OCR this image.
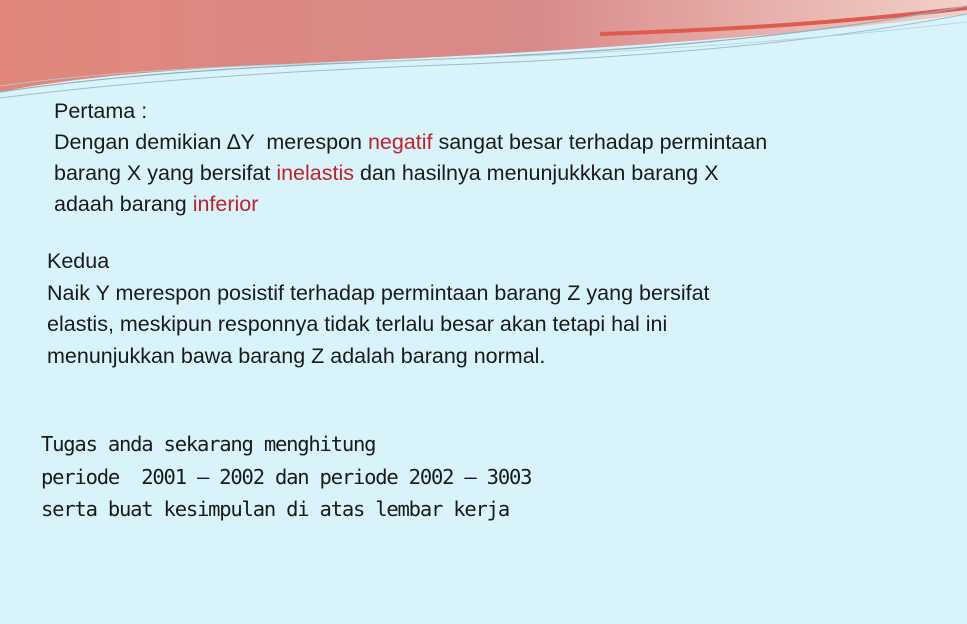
Pertama :
Dengan demikian ∆Y  merespon negatif sangat besar terhadap permintaan
barang X yang bersifat inelastis dan hasilnya menunjukkkan barang X
adaah barang inferior
Kedua
Naik Y merespon posistif terhadap permintaan barang Z yang bersifat
elastis, meskipun responnya tidak terlalu besar akan tetapi hal ini
menunjukkan bawa barang Z adalah barang normal.
Tugas anda sekarang menghitung
periode  2001 – 2002 dan periode 2002 – 3003
serta buat kesimpulan di atas lembar kerja
